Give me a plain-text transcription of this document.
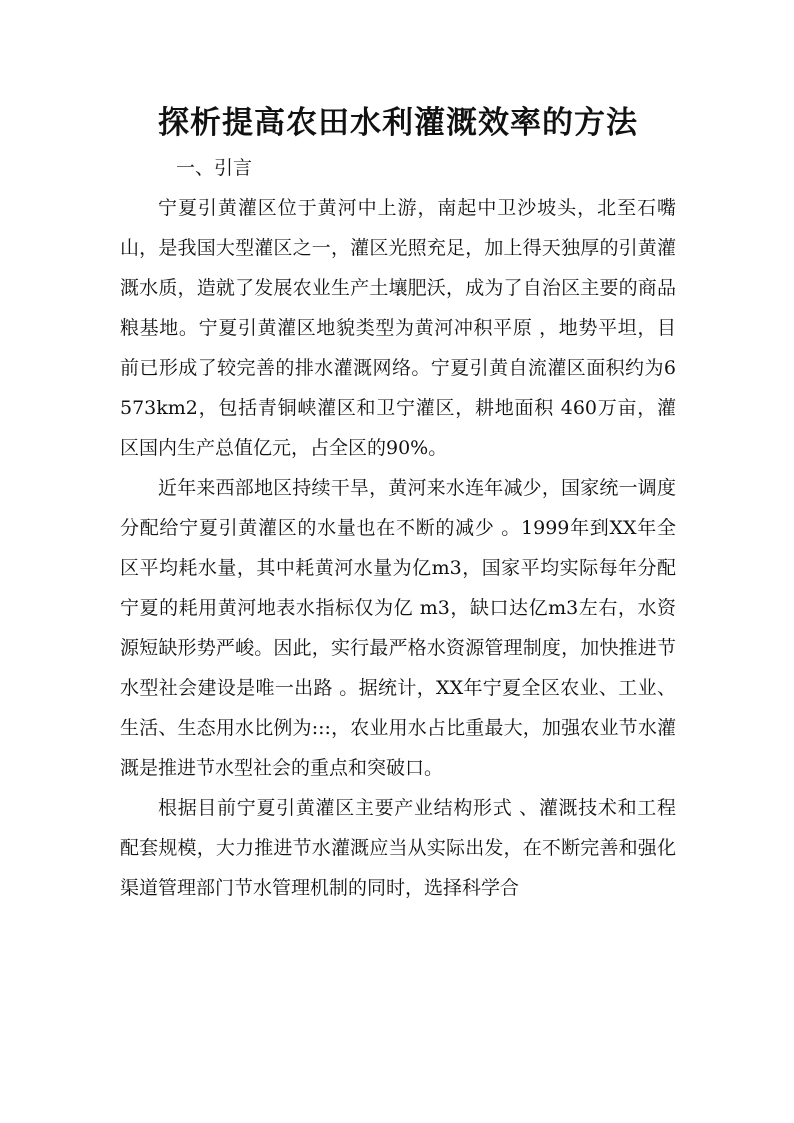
探析提高农田水利灌溉效率的方法
一、引言

宁夏引黄灌区位于黄河中上游，南起中卫沙坡头，北至石嘴山，是我国大型灌区之一，灌区光照充足，加上得天独厚的引黄灌溉水质，造就了发展农业生产土壤肥沃，成为了自治区主要的商品粮基地。宁夏引黄灌区地貌类型为黄河冲积平原 ，地势平坦，目前已形成了较完善的排水灌溉网络。宁夏引黄自流灌区面积约为6573km2，包括青铜峡灌区和卫宁灌区，耕地面积 460万亩，灌区国内生产总值亿元，占全区的90%。

近年来西部地区持续干旱，黄河来水连年减少，国家统一调度分配给宁夏引黄灌区的水量也在不断的减少 。1999年到XX年全区平均耗水量，其中耗黄河水量为亿m3，国家平均实际每年分配宁夏的耗用黄河地表水指标仅为亿 m3，缺口达亿m3左右，水资源短缺形势严峻。因此，实行最严格水资源管理制度，加快推进节水型社会建设是唯一出路 。据统计，XX年宁夏全区农业、工业、生活、生态用水比例为:::，农业用水占比重最大，加强农业节水灌溉是推进节水型社会的重点和突破口。

根据目前宁夏引黄灌区主要产业结构形式 、灌溉技术和工程配套规模，大力推进节水灌溉应当从实际出发，在不断完善和强化渠道管理部门节水管理机制的同时，选择科学合
